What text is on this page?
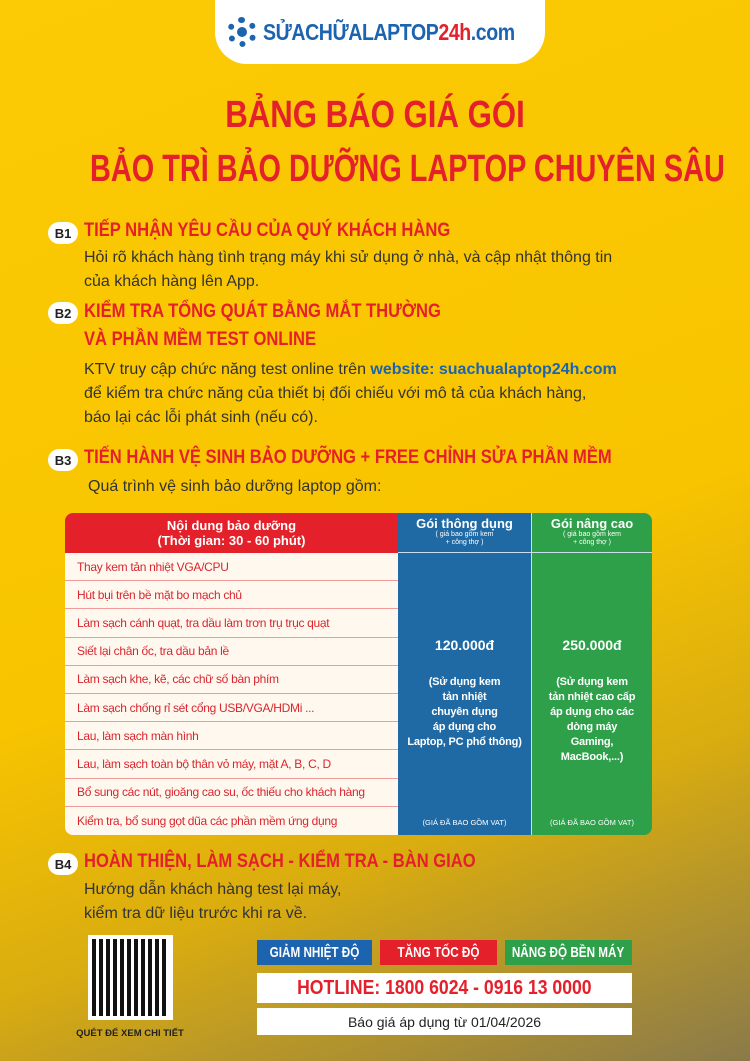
SỬACHỮALAPTOP24h.com
BẢNG BÁO GIÁ GÓI
BẢO TRÌ BẢO DƯỠNG LAPTOP CHUYÊN SÂU
B1 TIẾP NHẬN YÊU CẦU CỦA QUÝ KHÁCH HÀNG
Hỏi rõ khách hàng tình trạng máy khi sử dụng ở nhà, và cập nhật thông tin
của khách hàng lên App.
B2 KIỂM TRA TỔNG QUÁT BẰNG MẮT THƯỜNG
VÀ PHẦN MỀM TEST ONLINE
KTV truy cập chức năng test online trên website: suachualaptop24h.com
để kiểm tra chức năng của thiết bị đối chiếu với mô tả của khách hàng,
báo lại các lỗi phát sinh (nếu có).
B3 TIẾN HÀNH VỆ SINH BẢO DƯỠNG + FREE CHỈNH SỬA PHẦN MỀM
Quá trình vệ sinh bảo dưỡng laptop gồm:
Nội dung bảo dưỡng
(Thời gian: 30 - 60 phút)
Thay kem tản nhiệt VGA/CPU
Hút bụi trên bề mặt bo mạch chủ
Làm sạch cánh quạt, tra dầu làm trơn trụ trục quạt
Siết lại chân ốc, tra dầu bản lề
Làm sạch khe, kẽ, các chữ số bàn phím
Làm sạch chống rỉ sét cổng USB/VGA/HDMi ...
Lau, làm sạch màn hình
Lau, làm sạch toàn bộ thân vỏ máy, mặt A, B, C, D
Bổ sung các nút, gioăng cao su, ốc thiếu cho khách hàng
Kiểm tra, bổ sung gọt dũa các phần mềm ứng dụng
Gói thông dụng
( giá bao gồm kem
+ công thợ )
120.000đ
(Sử dụng kem
tản nhiệt
chuyên dụng
áp dụng cho
Laptop, PC phổ thông)
(GIÁ ĐÃ BAO GỒM VAT)
Gói nâng cao
( giá bao gồm kem
+ công thợ )
250.000đ
(Sử dụng kem
tản nhiệt cao cấp
áp dụng cho các
dòng máy
Gaming,
MacBook,...)
(GIÁ ĐÃ BAO GỒM VAT)
B4 HOÀN THIỆN, LÀM SẠCH - KIỂM TRA - BÀN GIAO
Hướng dẫn khách hàng test lại máy,
kiểm tra dữ liệu trước khi ra về.
QUÉT ĐỂ XEM CHI TIẾT
GIẢM NHIỆT ĐỘ	TĂNG TỐC ĐỘ NÂNG ĐỘ BỀN MÁY
HOTLINE: 1800 6024 - 0916 13 0000
Báo giá áp dụng từ 01/04/2026
